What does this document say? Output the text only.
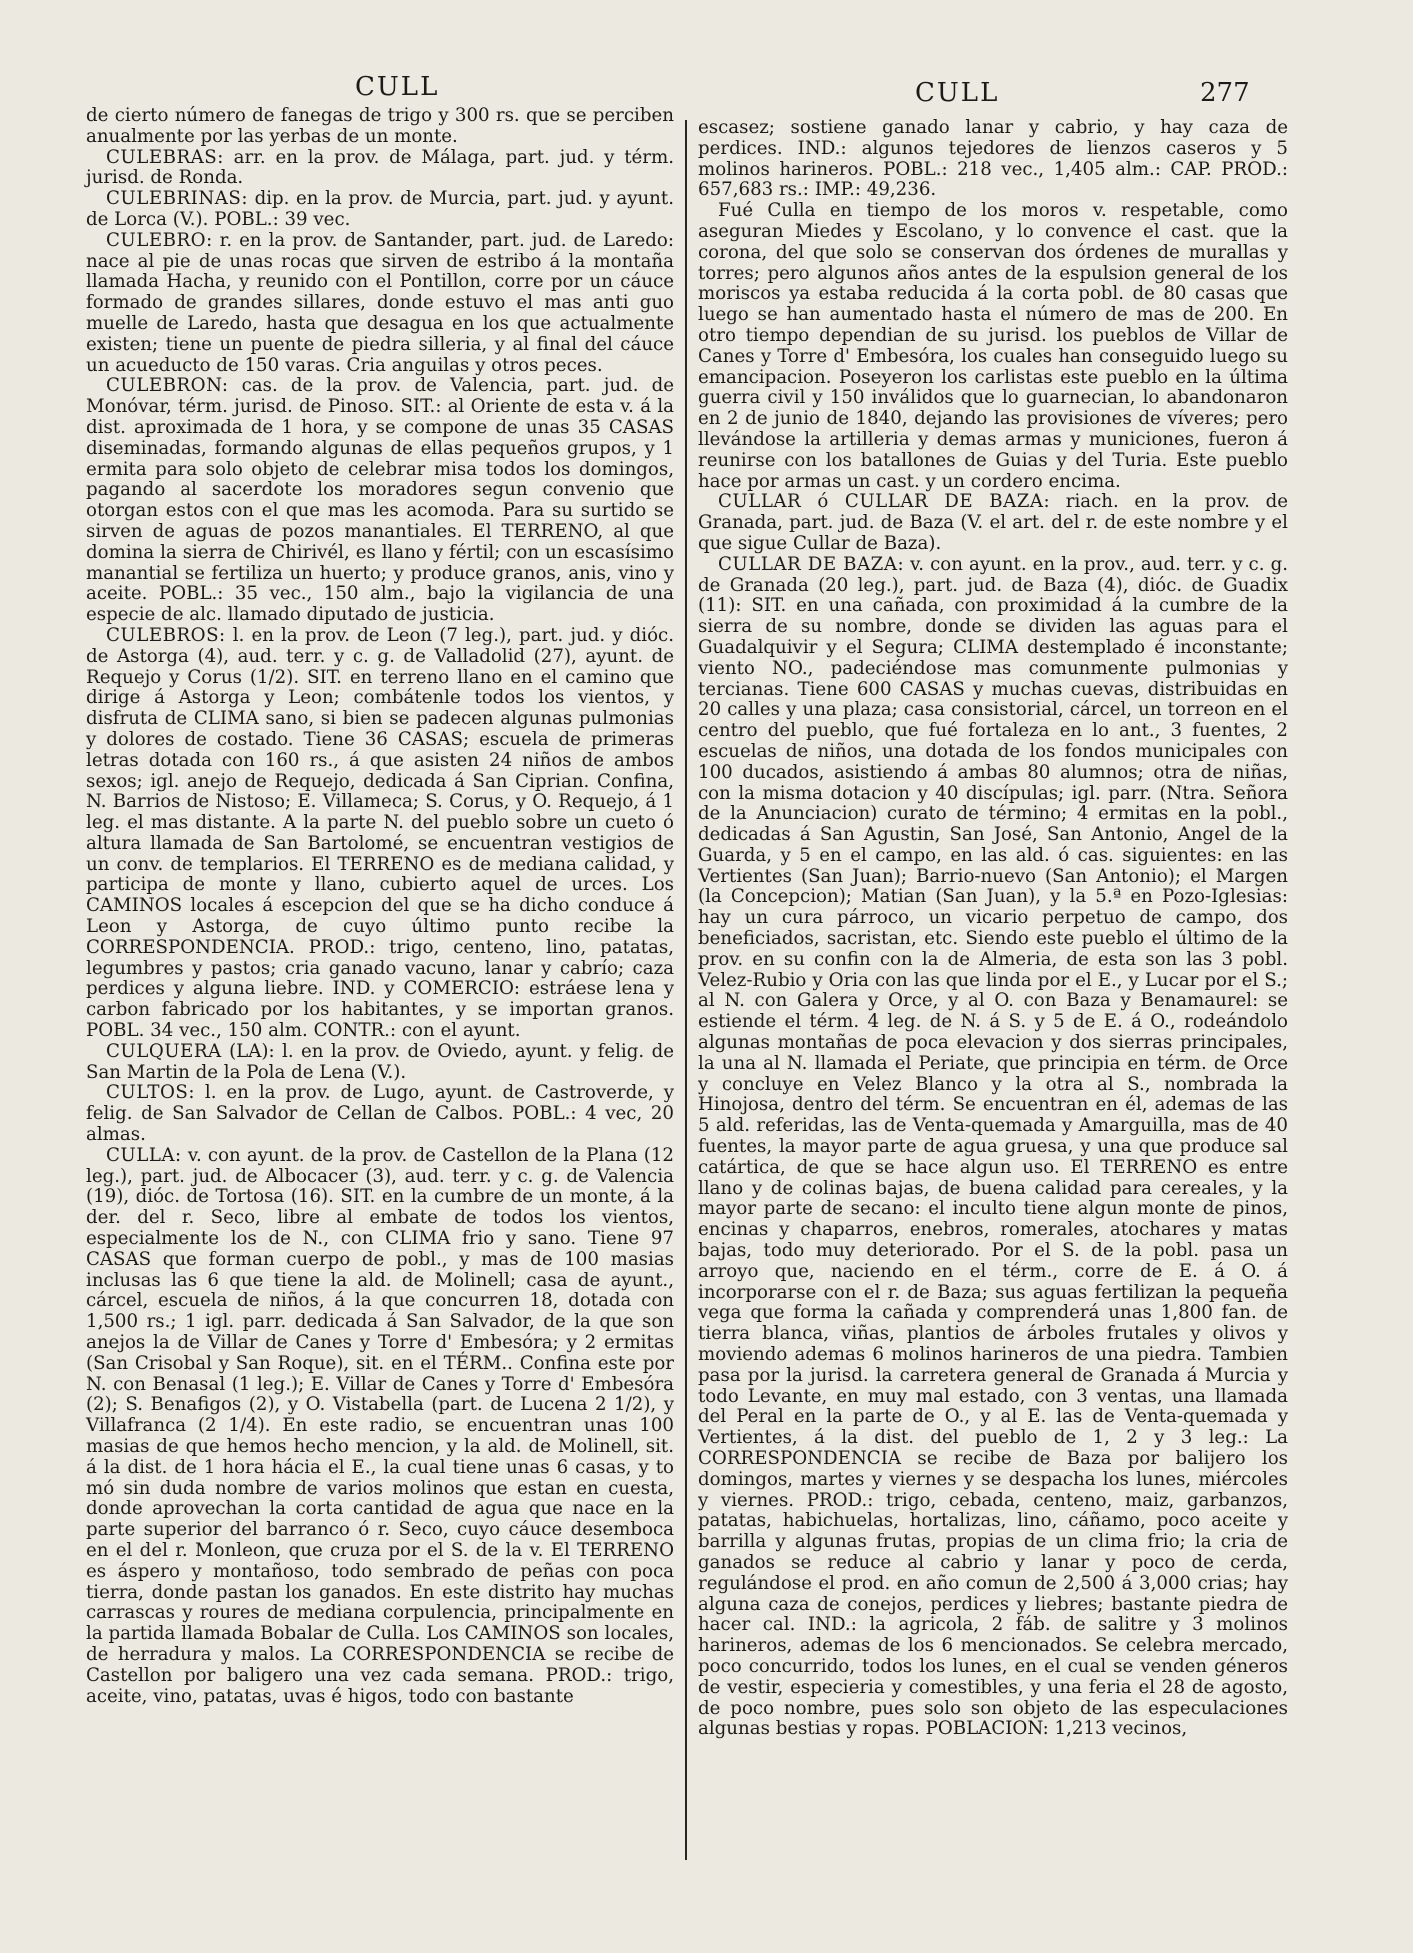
CULL	CULL	277

de cierto número de fanegas de trigo y 300 rs. que se perciben anualmente por las yerbas de un monte.

CULEBRAS: arr. en la prov. de Málaga, part. jud. y térm. jurisd. de Ronda.

CULEBRINAS: dip. en la prov. de Murcia, part. jud. y ayunt. de Lorca (V.). POBL.: 39 vec.

CULEBRO: r. en la prov. de Santander, part. jud. de Laredo: nace al pie de unas rocas que sirven de estribo á la montaña llamada Hacha, y reunido con el Pontillon, corre por un cáuce formado de grandes sillares, donde estuvo el mas anti guo muelle de Laredo, hasta que desagua en los que actualmente existen; tiene un puente de piedra silleria, y al final del cáuce un acueducto de 150 varas. Cria anguilas y otros peces.

CULEBRON: cas. de la prov. de Valencia, part. jud. de Monóvar, térm. jurisd. de Pinoso. SIT.: al Oriente de esta v. á la dist. aproximada de 1 hora, y se compone de unas 35 CASAS diseminadas, formando algunas de ellas pequeños grupos, y 1 ermita para solo objeto de celebrar misa todos los domingos, pagando al sacerdote los moradores segun convenio que otorgan estos con el que mas les acomoda. Para su surtido se sirven de aguas de pozos manantiales. El TERRENO, al que domina la sierra de Chirivél, es llano y fértil; con un escasísimo manantial se fertiliza un huerto; y produce granos, anis, vino y aceite. POBL.: 35 vec., 150 alm., bajo la vigilancia de una especie de alc. llamado diputado de justicia.

CULEBROS: l. en la prov. de Leon (7 leg.), part. jud. y dióc. de Astorga (4), aud. terr. y c. g. de Valladolid (27), ayunt. de Requejo y Corus (1/2). SIT. en terreno llano en el camino que dirige á Astorga y Leon; combátenle todos los vientos, y disfruta de CLIMA sano, si bien se padecen algunas pulmonias y dolores de costado. Tiene 36 CASAS; escuela de primeras letras dotada con 160 rs., á que asisten 24 niños de ambos sexos; igl. anejo de Requejo, dedicada á San Ciprian. Confina, N. Barrios de Nistoso; E. Villameca; S. Corus, y O. Requejo, á 1 leg. el mas distante. A la parte N. del pueblo sobre un cueto ó altura llamada de San Bartolomé, se encuentran vestigios de un conv. de templarios. El TERRENO es de mediana calidad, y participa de monte y llano, cubierto aquel de urces. Los CAMINOS locales á escepcion del que se ha dicho conduce á Leon y Astorga, de cuyo último punto recibe la CORRESPONDENCIA. PROD.: trigo, centeno, lino, patatas, legumbres y pastos; cria ganado vacuno, lanar y cabrío; caza perdices y alguna liebre. IND. y COMERCIO: estráese lena y carbon fabricado por los habitantes, y se importan granos. POBL. 34 vec., 150 alm. CONTR.: con el ayunt.

CULQUERA (LA): l. en la prov. de Oviedo, ayunt. y felig. de San Martin de la Pola de Lena (V.).

CULTOS: l. en la prov. de Lugo, ayunt. de Castroverde, y felig. de San Salvador de Cellan de Calbos. POBL.: 4 vec, 20 almas.

CULLA: v. con ayunt. de la prov. de Castellon de la Plana (12 leg.), part. jud. de Albocacer (3), aud. terr. y c. g. de Valencia (19), dióc. de Tortosa (16). SIT. en la cumbre de un monte, á la der. del r. Seco, libre al embate de todos los vientos, especialmente los de N., con CLIMA frio y sano. Tiene 97 CASAS que forman cuerpo de pobl., y mas de 100 masias inclusas las 6 que tiene la ald. de Molinell; casa de ayunt., cárcel, escuela de niños, á la que concurren 18, dotada con 1,500 rs.; 1 igl. parr. dedicada á San Salvador, de la que son anejos la de Villar de Canes y Torre d' Embesóra; y 2 ermitas (San Crisobal y San Roque), sit. en el TÉRM.. Confina este por N. con Benasal (1 leg.); E. Villar de Canes y Torre d' Embesóra (2); S. Benafigos (2), y O. Vistabella (part. de Lucena 2 1/2), y Villafranca (2 1/4). En este radio, se encuentran unas 100 masias de que hemos hecho mencion, y la ald. de Molinell, sit. á la dist. de 1 hora hácia el E., la cual tiene unas 6 casas, y to mó sin duda nombre de varios molinos que estan en cuesta, donde aprovechan la corta cantidad de agua que nace en la parte superior del barranco ó r. Seco, cuyo cáuce desemboca en el del r. Monleon, que cruza por el S. de la v. El TERRENO es áspero y montañoso, todo sembrado de peñas con poca tierra, donde pastan los ganados. En este distrito hay muchas carrascas y roures de mediana corpulencia, principalmente en la partida llamada Bobalar de Culla. Los CAMINOS son locales, de herradura y malos. La CORRESPONDENCIA se recibe de Castellon por baligero una vez cada semana. PROD.: trigo, aceite, vino, patatas, uvas é higos, todo con bastante

escasez; sostiene ganado lanar y cabrio, y hay caza de perdices. IND.: algunos tejedores de lienzos caseros y 5 molinos harineros. POBL.: 218 vec., 1,405 alm.: CAP. PROD.: 657,683 rs.: IMP.: 49,236.

Fué Culla en tiempo de los moros v. respetable, como aseguran Miedes y Escolano, y lo convence el cast. que la corona, del que solo se conservan dos órdenes de murallas y torres; pero algunos años antes de la espulsion general de los moriscos ya estaba reducida á la corta pobl. de 80 casas que luego se han aumentado hasta el número de mas de 200. En otro tiempo dependian de su jurisd. los pueblos de Villar de Canes y Torre d' Embesóra, los cuales han conseguido luego su emancipacion. Poseyeron los carlistas este pueblo en la última guerra civil y 150 inválidos que lo guarnecian, lo abandonaron en 2 de junio de 1840, dejando las provisiones de víveres; pero llevándose la artilleria y demas armas y municiones, fueron á reunirse con los batallones de Guias y del Turia. Este pueblo hace por armas un cast. y un cordero encima.

CULLAR ó CULLAR DE BAZA: riach. en la prov. de Granada, part. jud. de Baza (V. el art. del r. de este nombre y el que sigue Cullar de Baza).

CULLAR DE BAZA: v. con ayunt. en la prov., aud. terr. y c. g. de Granada (20 leg.), part. jud. de Baza (4), dióc. de Guadix (11): SIT. en una cañada, con proximidad á la cumbre de la sierra de su nombre, donde se dividen las aguas para el Guadalquivir y el Segura; CLIMA destemplado é inconstante; viento NO., padeciéndose mas comunmente pulmonias y tercianas. Tiene 600 CASAS y muchas cuevas, distribuidas en 20 calles y una plaza; casa consistorial, cárcel, un torreon en el centro del pueblo, que fué fortaleza en lo ant., 3 fuentes, 2 escuelas de niños, una dotada de los fondos municipales con 100 ducados, asistiendo á ambas 80 alumnos; otra de niñas, con la misma dotacion y 40 discípulas; igl. parr. (Ntra. Señora de la Anunciacion) curato de término; 4 ermitas en la pobl., dedicadas á San Agustin, San José, San Antonio, Angel de la Guarda, y 5 en el campo, en las ald. ó cas. siguientes: en las Vertientes (San Juan); Barrio-nuevo (San Antonio); el Margen (la Concepcion); Matian (San Juan), y la 5.ª en Pozo-Iglesias: hay un cura párroco, un vicario perpetuo de campo, dos beneficiados, sacristan, etc. Siendo este pueblo el último de la prov. en su confin con la de Almeria, de esta son las 3 pobl. Velez-Rubio y Oria con las que linda por el E., y Lucar por el S.; al N. con Galera y Orce, y al O. con Baza y Benamaurel: se estiende el térm. 4 leg. de N. á S. y 5 de E. á O., rodeándolo algunas montañas de poca elevacion y dos sierras principales, la una al N. llamada el Periate, que principia en térm. de Orce y concluye en Velez Blanco y la otra al S., nombrada la Hinojosa, dentro del térm. Se encuentran en él, ademas de las 5 ald. referidas, las de Venta-quemada y Amarguilla, mas de 40 fuentes, la mayor parte de agua gruesa, y una que produce sal catártica, de que se hace algun uso. El TERRENO es entre llano y de colinas bajas, de buena calidad para cereales, y la mayor parte de secano: el inculto tiene algun monte de pinos, encinas y chaparros, enebros, romerales, atochares y matas bajas, todo muy deteriorado. Por el S. de la pobl. pasa un arroyo que, naciendo en el térm., corre de E. á O. á incorporarse con el r. de Baza; sus aguas fertilizan la pequeña vega que forma la cañada y comprenderá unas 1,800 fan. de tierra blanca, viñas, plantios de árboles frutales y olivos y moviendo ademas 6 molinos harineros de una piedra. Tambien pasa por la jurisd. la carretera general de Granada á Murcia y todo Levante, en muy mal estado, con 3 ventas, una llamada del Peral en la parte de O., y al E. las de Venta-quemada y Vertientes, á la dist. del pueblo de 1, 2 y 3 leg.: La CORRESPONDENCIA se recibe de Baza por balijero los domingos, martes y viernes y se despacha los lunes, miércoles y viernes. PROD.: trigo, cebada, centeno, maiz, garbanzos, patatas, habichuelas, hortalizas, lino, cáñamo, poco aceite y barrilla y algunas frutas, propias de un clima frio; la cria de ganados se reduce al cabrio y lanar y poco de cerda, regulándose el prod. en año comun de 2,500 á 3,000 crias; hay alguna caza de conejos, perdices y liebres; bastante piedra de hacer cal. IND.: la agricola, 2 fáb. de salitre y 3 molinos harineros, ademas de los 6 mencionados. Se celebra mercado, poco concurrido, todos los lunes, en el cual se venden géneros de vestir, especieria y comestibles, y una feria el 28 de agosto, de poco nombre, pues solo son objeto de las especulaciones algunas bestias y ropas. POBLACION: 1,213 vecinos,
